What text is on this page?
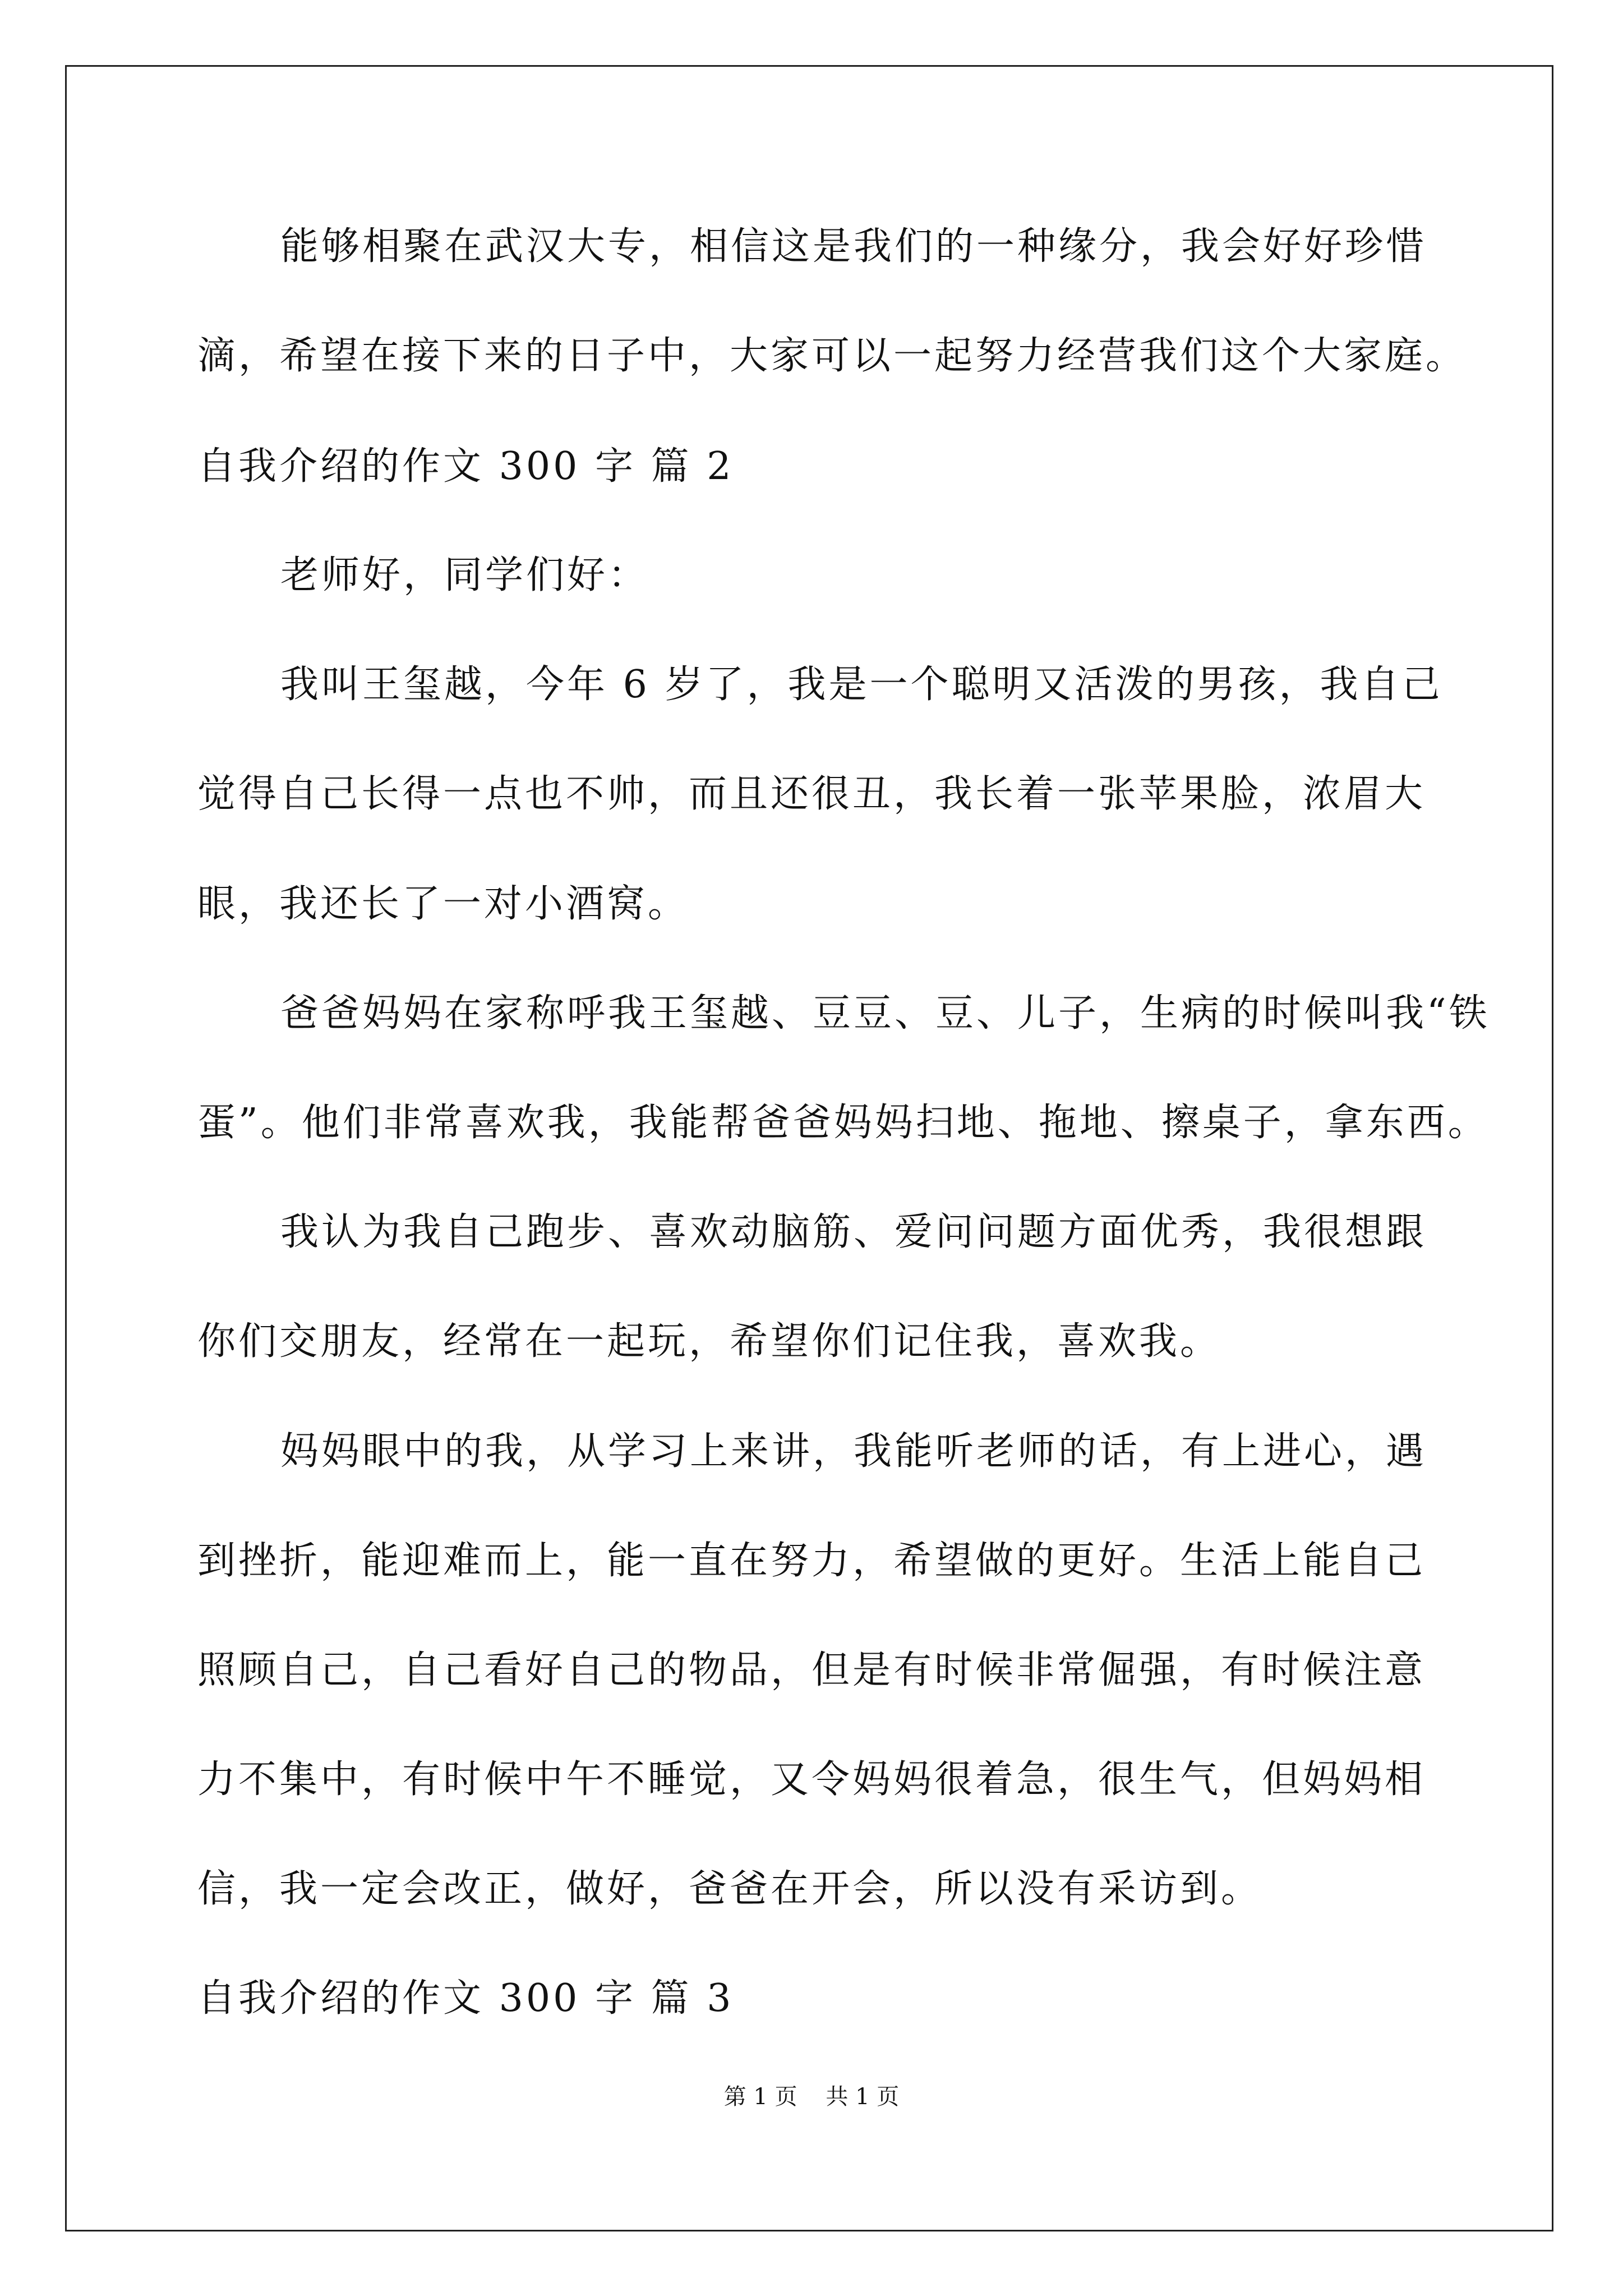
能够相聚在武汉大专，相信这是我们的一种缘分，我会好好珍惜
滴，希望在接下来的日子中，大家可以一起努力经营我们这个大家庭。
自我介绍的作文 300 字 篇 2
老师好，同学们好：
我叫王玺越，今年 6 岁了，我是一个聪明又活泼的男孩，我自己
觉得自己长得一点也不帅，而且还很丑，我长着一张苹果脸，浓眉大
眼，我还长了一对小酒窝。
爸爸妈妈在家称呼我王玺越、豆豆、豆、儿子，生病的时候叫我“铁
蛋”。他们非常喜欢我，我能帮爸爸妈妈扫地、拖地、擦桌子，拿东西。
我认为我自己跑步、喜欢动脑筋、爱问问题方面优秀，我很想跟
你们交朋友，经常在一起玩，希望你们记住我，喜欢我。
妈妈眼中的我，从学习上来讲，我能听老师的话，有上进心，遇
到挫折，能迎难而上，能一直在努力，希望做的更好。生活上能自己
照顾自己，自己看好自己的物品，但是有时候非常倔强，有时候注意
力不集中，有时候中午不睡觉，又令妈妈很着急，很生气，但妈妈相
信，我一定会改正，做好，爸爸在开会，所以没有采访到。
自我介绍的作文 300 字 篇 3
第 1 页    共 1 页
